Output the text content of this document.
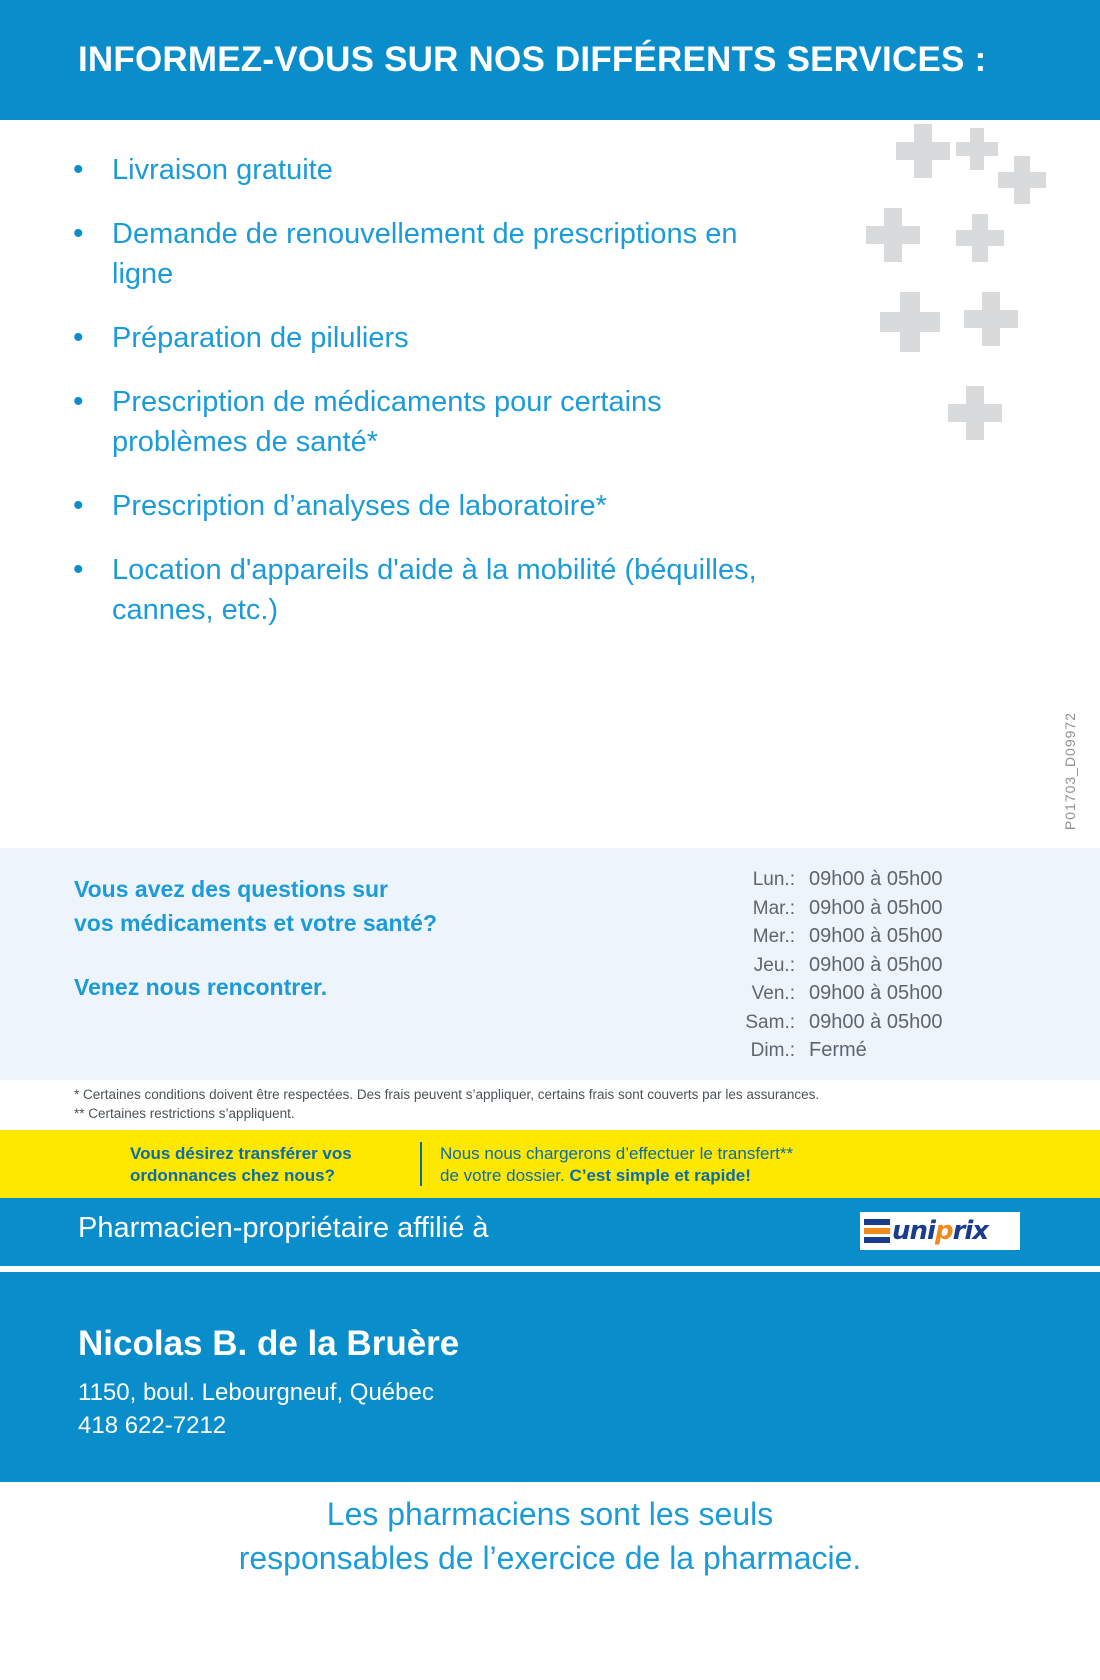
INFORMEZ-VOUS SUR NOS DIFFÉRENTS SERVICES :
• Livraison gratuite
• Demande de renouvellement de prescriptions en ligne
• Préparation de piluliers
• Prescription de médicaments pour certains problèmes de santé*
• Prescription d’analyses de laboratoire*
• Location d'appareils d'aide à la mobilité (béquilles, cannes, etc.)
P01703_D09972
Vous avez des questions sur
vos médicaments et votre santé?
Venez nous rencontrer.
Lun.: 09h00 à 05h00
Mar.: 09h00 à 05h00
Mer.: 09h00 à 05h00
Jeu.: 09h00 à 05h00
Ven.: 09h00 à 05h00
Sam.: 09h00 à 05h00
Dim.: Fermé
* Certaines conditions doivent être respectées. Des frais peuvent s’appliquer, certains frais sont couverts par les assurances.
** Certaines restrictions s’appliquent.
Vous désirez transférer vos
ordonnances chez nous?
Nous nous chargerons d’effectuer le transfert**
de votre dossier. C’est simple et rapide!
Pharmacien-propriétaire affilié à	uniprix
Nicolas B. de la Bruère
1150, boul. Lebourgneuf, Québec
418 622-7212
Les pharmaciens sont les seuls
responsables de l’exercice de la pharmacie.
